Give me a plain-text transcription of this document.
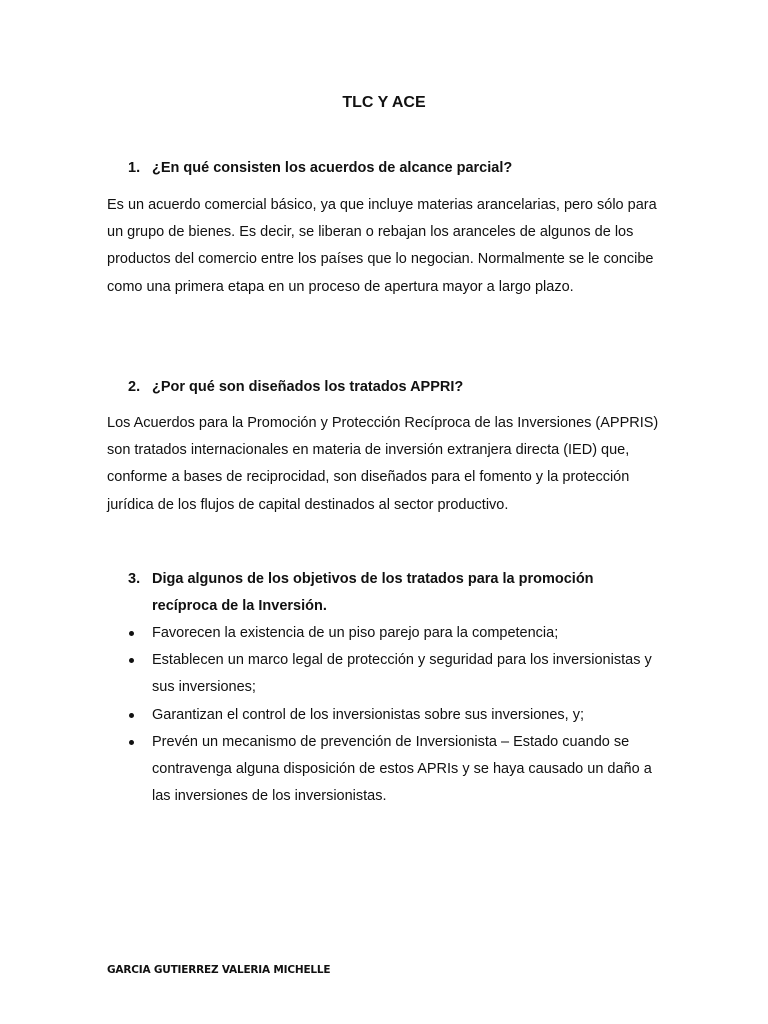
TLC Y ACE
1. ¿En qué consisten los acuerdos de alcance parcial?
Es un acuerdo comercial básico, ya que incluye materias arancelarias, pero sólo para un grupo de bienes. Es decir, se liberan o rebajan los aranceles de algunos de los productos del comercio entre los países que lo negocian. Normalmente se le concibe como una primera etapa en un proceso de apertura mayor a largo plazo.
2. ¿Por qué son diseñados los tratados APPRI?
Los Acuerdos para la Promoción y Protección Recíproca de las Inversiones (APPRIS) son tratados internacionales en materia de inversión extranjera directa (IED) que, conforme a bases de reciprocidad, son diseñados para el fomento y la protección jurídica de los flujos de capital destinados al sector productivo.
3. Diga algunos de los objetivos de los tratados para la promoción recíproca de la Inversión.
Favorecen la existencia de un piso parejo para la competencia;
Establecen un marco legal de protección y seguridad para los inversionistas y sus inversiones;
Garantizan el control de los inversionistas sobre sus inversiones, y;
Prevén un mecanismo de prevención de Inversionista – Estado cuando se contravenga alguna disposición de estos APRIs y se haya causado un daño a las inversiones de los inversionistas.
GARCIA GUTIERREZ VALERIA MICHELLE
